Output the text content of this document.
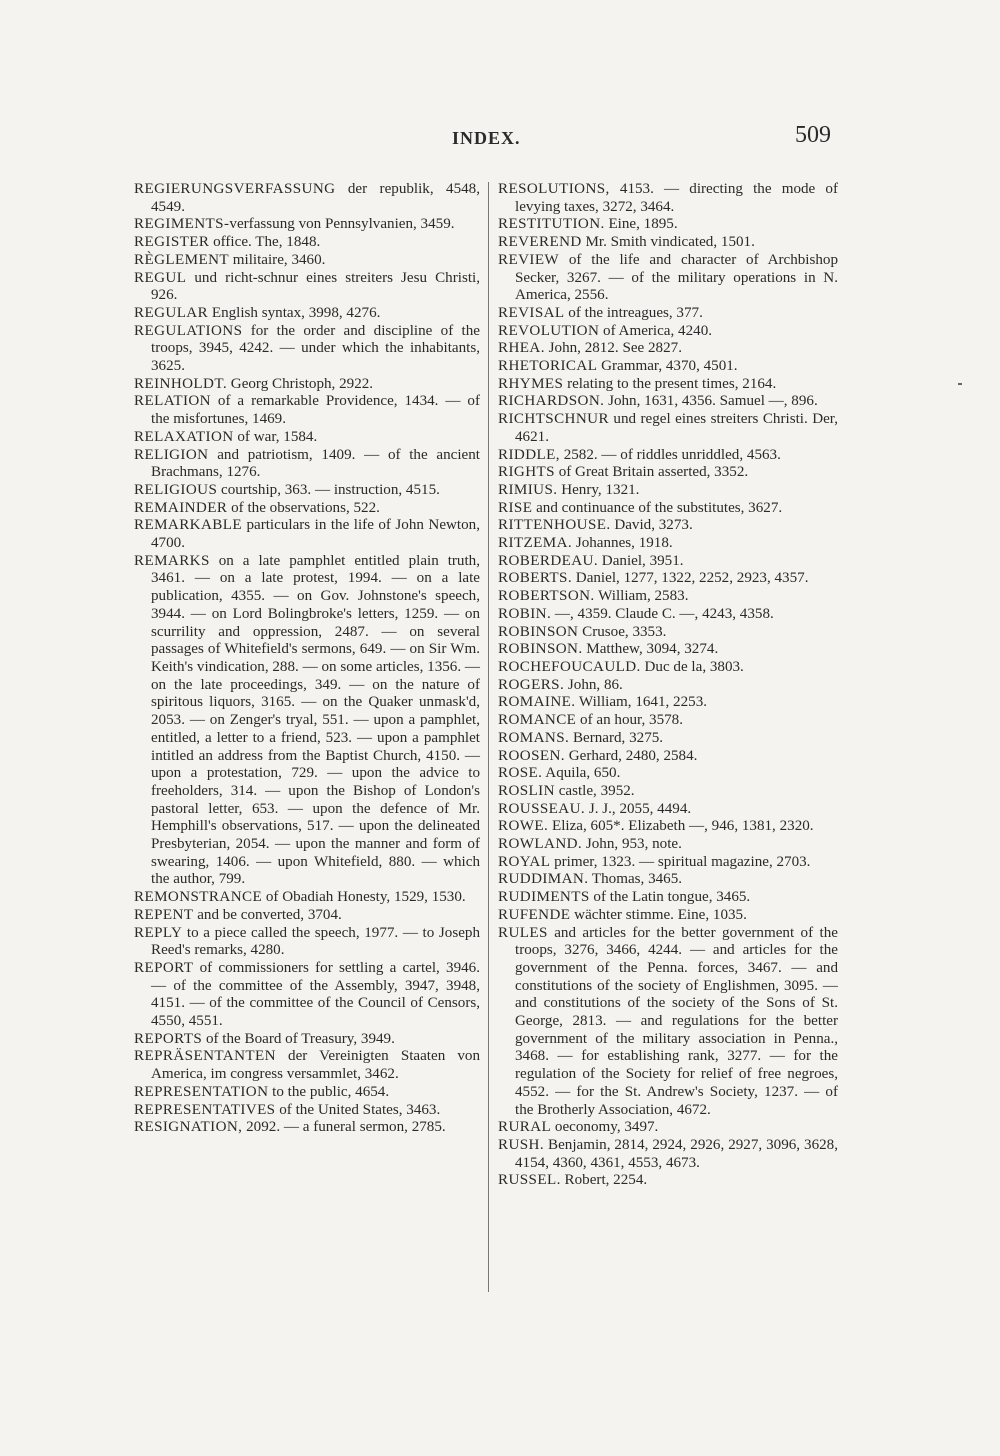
INDEX.	509

REGIERUNGSVERFASSUNG der republik, 4548, 4549.

REGIMENTS-verfassung von Pennsylvanien, 3459.

REGISTER office. The, 1848.

RÈGLEMENT militaire, 3460.

REGUL und richt-schnur eines streiters Jesu Christi, 926.

REGULAR English syntax, 3998, 4276.

REGULATIONS for the order and discipline of the troops, 3945, 4242. — under which the inhabitants, 3625.

REINHOLDT. Georg Christoph, 2922.

RELATION of a remarkable Providence, 1434. — of the misfortunes, 1469.

RELAXATION of war, 1584.

RELIGION and patriotism, 1409. — of the ancient Brachmans, 1276.

RELIGIOUS courtship, 363. — instruction, 4515.

REMAINDER of the observations, 522.

REMARKABLE particulars in the life of John Newton, 4700.

REMARKS on a late pamphlet entitled plain truth, 3461. — on a late protest, 1994. — on a late publication, 4355. — on Gov. Johnstone's speech, 3944. — on Lord Bolingbroke's letters, 1259. — on scurrility and oppression, 2487. — on several passages of Whitefield's sermons, 649. — on Sir Wm. Keith's vindication, 288. — on some articles, 1356. — on the late proceedings, 349. — on the nature of spiritous liquors, 3165. — on the Quaker unmask'd, 2053. — on Zenger's tryal, 551. — upon a pamphlet, entitled, a letter to a friend, 523. — upon a pamphlet intitled an address from the Baptist Church, 4150. — upon a protestation, 729. — upon the advice to freeholders, 314. — upon the Bishop of London's pastoral letter, 653. — upon the defence of Mr. Hemphill's observations, 517. — upon the delineated Presbyterian, 2054. — upon the manner and form of swearing, 1406. — upon Whitefield, 880. — which the author, 799.

REMONSTRANCE of Obadiah Honesty, 1529, 1530.

REPENT and be converted, 3704.

REPLY to a piece called the speech, 1977. — to Joseph Reed's remarks, 4280.

REPORT of commissioners for settling a cartel, 3946. — of the committee of the Assembly, 3947, 3948, 4151. — of the committee of the Council of Censors, 4550, 4551.

REPORTS of the Board of Treasury, 3949.

REPRÄSENTANTEN der Vereinigten Staaten von America, im congress versammlet, 3462.

REPRESENTATION to the public, 4654.

REPRESENTATIVES of the United States, 3463.

RESIGNATION, 2092. — a funeral sermon, 2785.

RESOLUTIONS, 4153. — directing the mode of levying taxes, 3272, 3464.

RESTITUTION. Eine, 1895.

REVEREND Mr. Smith vindicated, 1501.

REVIEW of the life and character of Archbishop Secker, 3267. — of the military operations in N. America, 2556.

REVISAL of the intreagues, 377.

REVOLUTION of America, 4240.

RHEA. John, 2812. See 2827.

RHETORICAL Grammar, 4370, 4501.

RHYMES relating to the present times, 2164.

RICHARDSON. John, 1631, 4356. Samuel —, 896.

RICHTSCHNUR und regel eines streiters Christi. Der, 4621.

RIDDLE, 2582. — of riddles unriddled, 4563.

RIGHTS of Great Britain asserted, 3352.

RIMIUS. Henry, 1321.

RISE and continuance of the substitutes, 3627.

RITTENHOUSE. David, 3273.

RITZEMA. Johannes, 1918.

ROBERDEAU. Daniel, 3951.

ROBERTS. Daniel, 1277, 1322, 2252, 2923, 4357.

ROBERTSON. William, 2583.

ROBIN. —, 4359. Claude C. —, 4243, 4358.

ROBINSON Crusoe, 3353.

ROBINSON. Matthew, 3094, 3274.

ROCHEFOUCAULD. Duc de la, 3803.

ROGERS. John, 86.

ROMAINE. William, 1641, 2253.

ROMANCE of an hour, 3578.

ROMANS. Bernard, 3275.

ROOSEN. Gerhard, 2480, 2584.

ROSE. Aquila, 650.

ROSLIN castle, 3952.

ROUSSEAU. J. J., 2055, 4494.

ROWE. Eliza, 605*. Elizabeth —, 946, 1381, 2320.

ROWLAND. John, 953, note.

ROYAL primer, 1323. — spiritual magazine, 2703.

RUDDIMAN. Thomas, 3465.

RUDIMENTS of the Latin tongue, 3465.

RUFENDE wächter stimme. Eine, 1035.

RULES and articles for the better government of the troops, 3276, 3466, 4244. — and articles for the government of the Penna. forces, 3467. — and constitutions of the society of Englishmen, 3095. — and constitutions of the society of the Sons of St. George, 2813. — and regulations for the better government of the military association in Penna., 3468. — for establishing rank, 3277. — for the regulation of the Society for relief of free negroes, 4552. — for the St. Andrew's Society, 1237. — of the Brotherly Association, 4672.

RURAL oeconomy, 3497.

RUSH. Benjamin, 2814, 2924, 2926, 2927, 3096, 3628, 4154, 4360, 4361, 4553, 4673.

RUSSEL. Robert, 2254.
